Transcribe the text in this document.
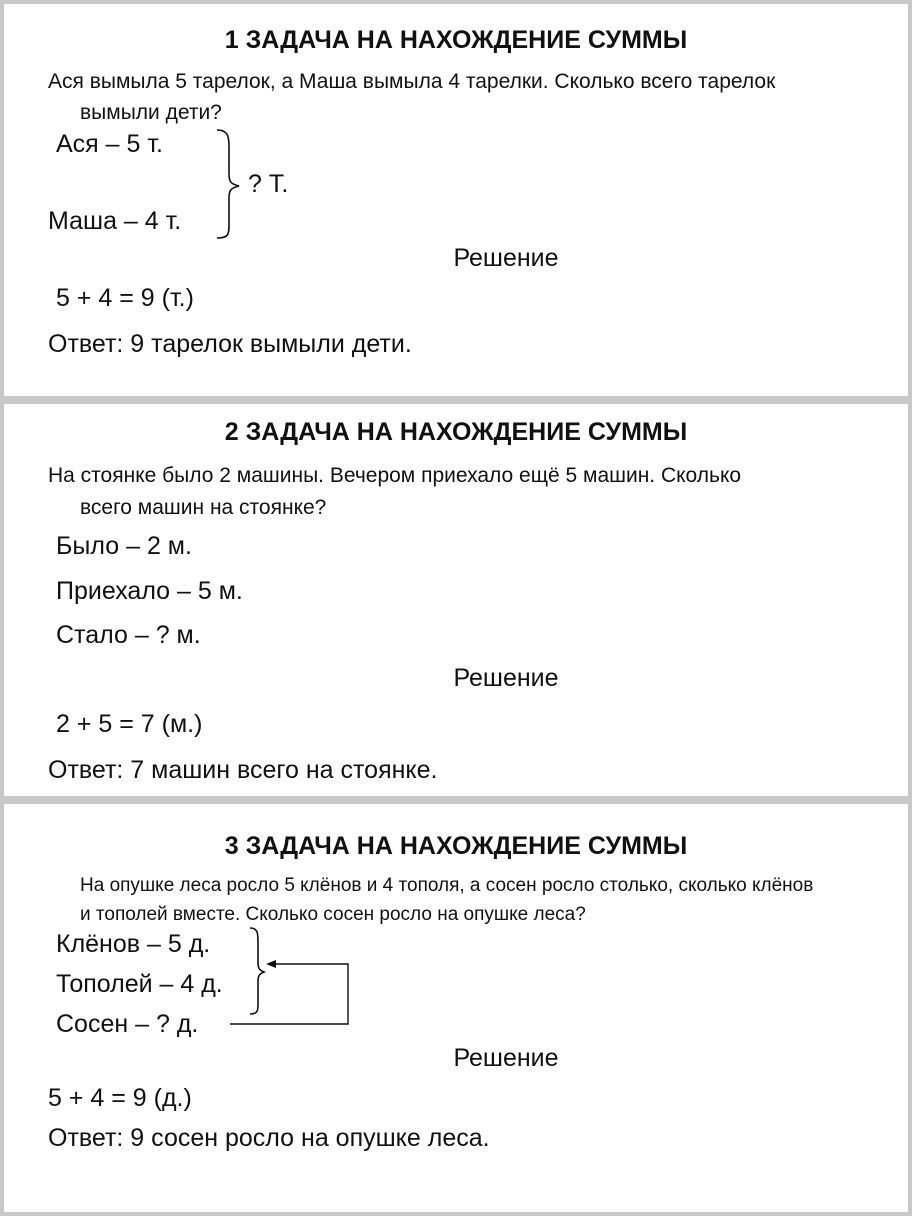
1 ЗАДАЧА НА НАХОЖДЕНИЕ СУММЫ
Ася вымыла 5 тарелок, а Маша вымыла 4 тарелки. Сколько всего тарелок
вымыли дети?
Ася – 5 т.
Маша – 4 т.
? Т.
Решение
5 + 4 = 9 (т.)
Ответ: 9 тарелок вымыли дети.
2 ЗАДАЧА НА НАХОЖДЕНИЕ СУММЫ
На стоянке было 2 машины. Вечером приехало ещё 5 машин. Сколько
всего машин на стоянке?
Было – 2 м.
Приехало – 5 м.
Стало – ? м.
Решение
2 + 5 = 7 (м.)
Ответ: 7 машин всего на стоянке.
3 ЗАДАЧА НА НАХОЖДЕНИЕ СУММЫ
На опушке леса росло 5 клёнов и 4 тополя, а сосен росло столько, сколько клёнов
и тополей вместе. Сколько сосен росло на опушке леса?
Клёнов – 5 д.
Тополей – 4 д.
Сосен – ? д.
Решение
5 + 4 = 9 (д.)
Ответ: 9 сосен росло на опушке леса.
